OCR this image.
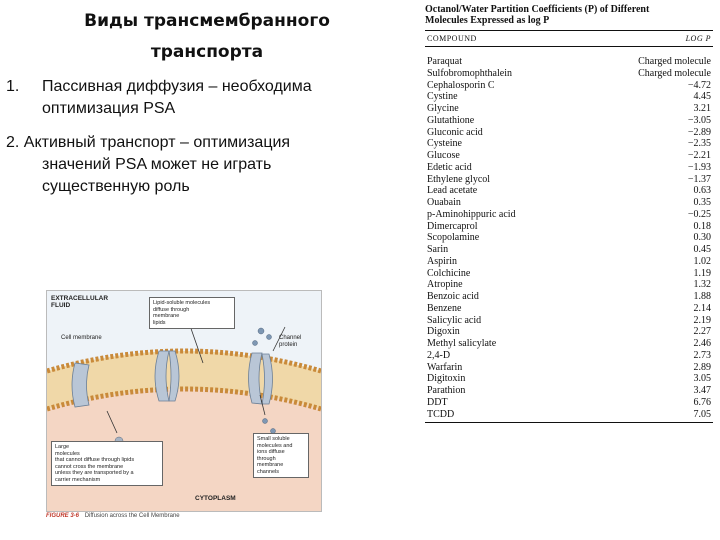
Виды трансмембранного
транспорта
1. Пассивная диффузия – необходима
оптимизация PSA
2. Активный транспорт – оптимизация
значений PSA может не играть
существенную роль
EXTRACELLULAR
FLUID
Cell membrane
Lipid-soluble molecules
diffuse through
membrane
lipids
Channel
protein
Small soluble
molecules and
ions diffuse
through
membrane
channels
Large
molecules
that cannot diffuse through lipids
cannot cross the membrane
unless they are transported by a
carrier mechanism
CYTOPLASM
FIGURE 3-6 Diffusion across the Cell Membrane
Octanol/Water Partition Coefficients (P) of Different
Molecules Expressed as log P
COMPOUND	LOG P
Paraquat	Charged molecule
Sulfobromophthalein	Charged molecule
Cephalosporin C	−4.72
Cystine	4.45
Glycine	3.21
Glutathione	−3.05
Gluconic acid	−2.89
Cysteine	−2.35
Glucose	−2.21
Edetic acid	−1.93
Ethylene glycol	−1.37
Lead acetate	0.63
Ouabain	0.35
p-Aminohippuric acid	−0.25
Dimercaprol	0.18
Scopolamine	0.30
Sarin	0.45
Aspirin	1.02
Colchicine	1.19
Atropine	1.32
Benzoic acid	1.88
Benzene	2.14
Salicylic acid	2.19
Digoxin	2.27
Methyl salicylate	2.46
2,4-D	2.73
Warfarin	2.89
Digitoxin	3.05
Parathion	3.47
DDT	6.76
TCDD	7.05
